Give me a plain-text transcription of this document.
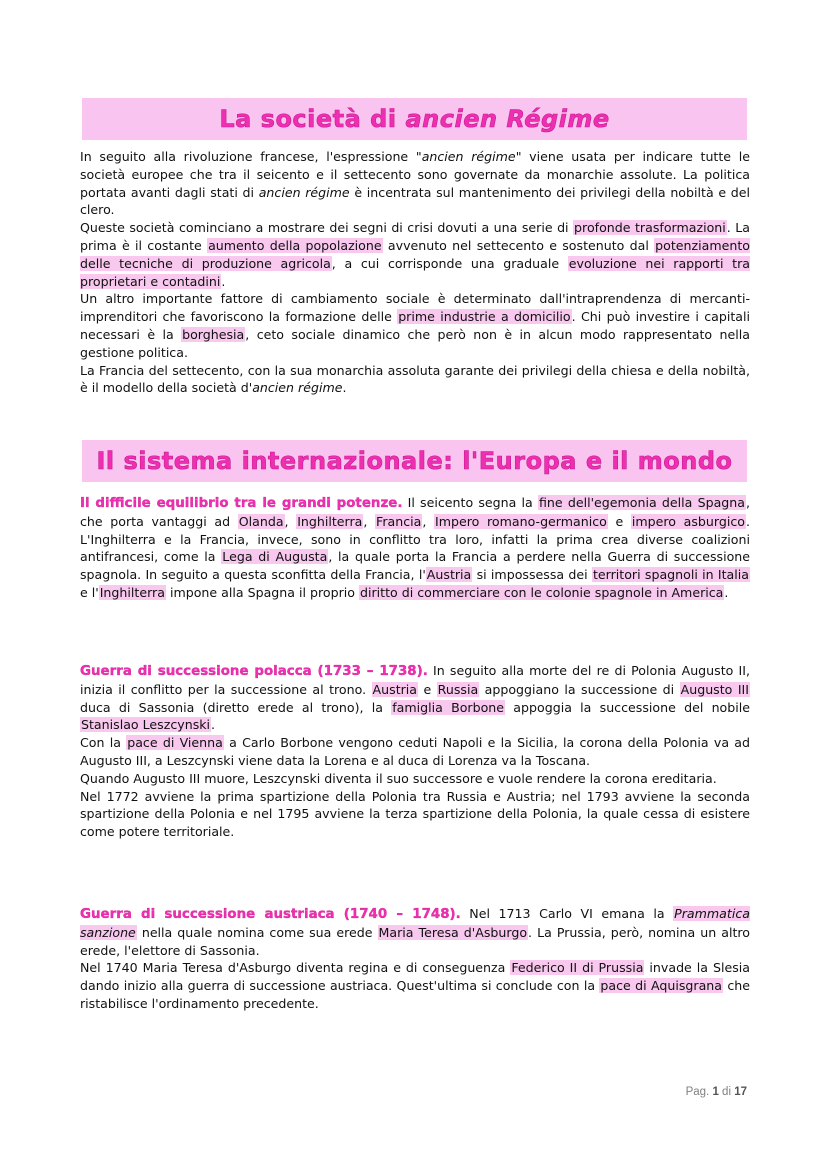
La società di ancien Régime

In seguito alla rivoluzione francese, l'espressione "ancien régime" viene usata per indicare tutte le società europee che tra il seicento e il settecento sono governate da monarchie assolute. La politica portata avanti dagli stati di ancien régime è incentrata sul mantenimento dei privilegi della nobiltà e del clero.

Queste società cominciano a mostrare dei segni di crisi dovuti a una serie di profonde trasformazioni. La prima è il costante aumento della popolazione avvenuto nel settecento e sostenuto dal potenziamento delle tecniche di produzione agricola, a cui corrisponde una graduale evoluzione nei rapporti tra proprietari e contadini.

Un altro importante fattore di cambiamento sociale è determinato dall'intraprendenza di mercanti-imprenditori che favoriscono la formazione delle prime industrie a domicilio. Chi può investire i capitali necessari è la borghesia, ceto sociale dinamico che però non è in alcun modo rappresentato nella gestione politica.

La Francia del settecento, con la sua monarchia assoluta garante dei privilegi della chiesa e della nobiltà, è il modello della società d'ancien régime.

Il sistema internazionale: l'Europa e il mondo

Il difficile equilibrio tra le grandi potenze. Il seicento segna la fine dell'egemonia della Spagna, che porta vantaggi ad Olanda, Inghilterra, Francia, Impero romano-germanico e impero asburgico. L'Inghilterra e la Francia, invece, sono in conflitto tra loro, infatti la prima crea diverse coalizioni antifrancesi, come la Lega di Augusta, la quale porta la Francia a perdere nella Guerra di successione spagnola. In seguito a questa sconfitta della Francia, l'Austria si impossessa dei territori spagnoli in Italia e l'Inghilterra impone alla Spagna il proprio diritto di commerciare con le colonie spagnole in America.

Guerra di successione polacca (1733 – 1738). In seguito alla morte del re di Polonia Augusto II, inizia il conflitto per la successione al trono. Austria e Russia appoggiano la successione di Augusto III duca di Sassonia (diretto erede al trono), la famiglia Borbone appoggia la successione del nobile Stanislao Leszcynski.

Con la pace di Vienna a Carlo Borbone vengono ceduti Napoli e la Sicilia, la corona della Polonia va ad Augusto III, a Leszcynski viene data la Lorena e al duca di Lorenza va la Toscana.

Quando Augusto III muore, Leszcynski diventa il suo successore e vuole rendere la corona ereditaria.

Nel 1772 avviene la prima spartizione della Polonia tra Russia e Austria; nel 1793 avviene la seconda spartizione della Polonia e nel 1795 avviene la terza spartizione della Polonia, la quale cessa di esistere come potere territoriale.

Guerra di successione austriaca (1740 – 1748). Nel 1713 Carlo VI emana la Prammatica sanzione nella quale nomina come sua erede Maria Teresa d'Asburgo. La Prussia, però, nomina un altro erede, l'elettore di Sassonia.

Nel 1740 Maria Teresa d'Asburgo diventa regina e di conseguenza Federico II di Prussia invade la Slesia dando inizio alla guerra di successione austriaca. Quest'ultima si conclude con la pace di Aquisgrana che ristabilisce l'ordinamento precedente.

Pag. 1 di 17
